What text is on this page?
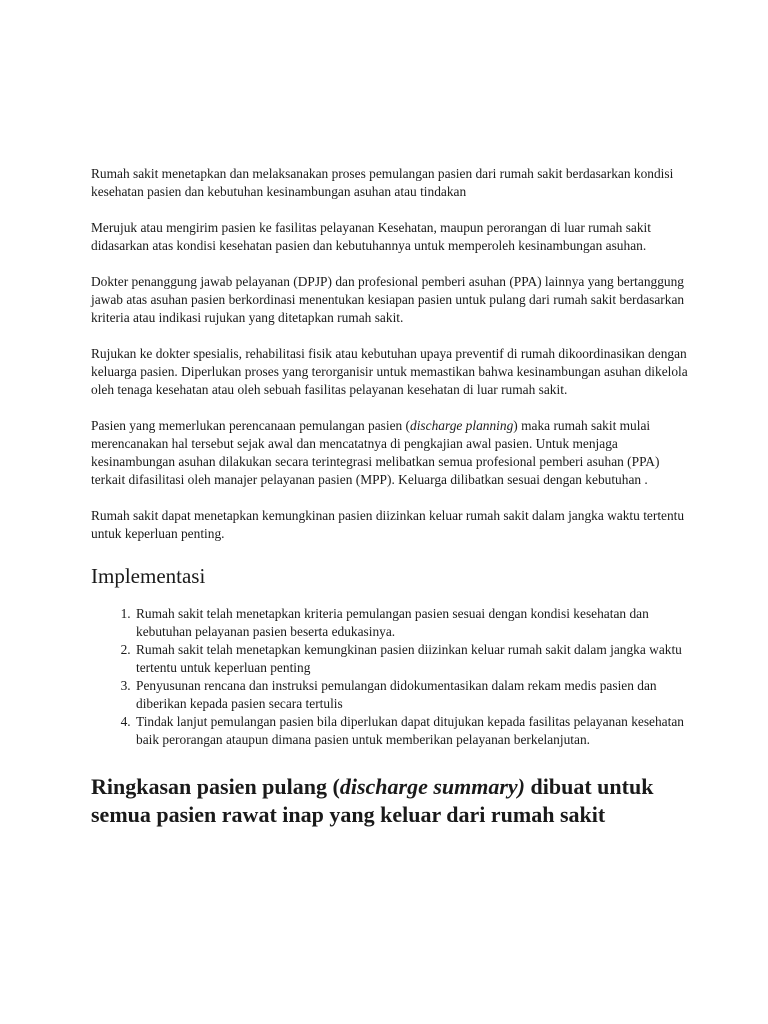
Rumah sakit menetapkan dan melaksanakan proses pemulangan pasien dari rumah sakit berdasarkan kondisi kesehatan pasien dan kebutuhan kesinambungan asuhan atau tindakan

Merujuk atau mengirim pasien ke fasilitas pelayanan Kesehatan, maupun perorangan di luar rumah sakit didasarkan atas kondisi kesehatan pasien dan kebutuhannya untuk memperoleh kesinambungan asuhan.

Dokter penanggung jawab pelayanan (DPJP) dan profesional pemberi asuhan (PPA) lainnya yang bertanggung jawab atas asuhan pasien berkordinasi menentukan kesiapan pasien untuk pulang dari rumah sakit berdasarkan kriteria atau indikasi rujukan yang ditetapkan rumah sakit.

Rujukan ke dokter spesialis, rehabilitasi fisik atau kebutuhan upaya preventif di rumah dikoordinasikan dengan keluarga pasien. Diperlukan proses yang terorganisir untuk memastikan bahwa kesinambungan asuhan dikelola oleh tenaga kesehatan atau oleh sebuah fasilitas pelayanan kesehatan di luar rumah sakit.

Pasien yang memerlukan perencanaan pemulangan pasien (discharge planning) maka rumah sakit mulai merencanakan hal tersebut sejak awal dan mencatatnya di pengkajian awal pasien. Untuk menjaga kesinambungan asuhan dilakukan secara terintegrasi melibatkan semua profesional pemberi asuhan (PPA) terkait difasilitasi oleh manajer pelayanan pasien (MPP). Keluarga dilibatkan sesuai dengan kebutuhan .

Rumah sakit dapat menetapkan kemungkinan pasien diizinkan keluar rumah sakit dalam jangka waktu tertentu untuk keperluan penting.

Implementasi
1. Rumah sakit telah menetapkan kriteria pemulangan pasien sesuai dengan kondisi kesehatan dan kebutuhan pelayanan pasien beserta edukasinya.
2. Rumah sakit telah menetapkan kemungkinan pasien diizinkan keluar rumah sakit dalam jangka waktu tertentu untuk keperluan penting
3. Penyusunan rencana dan instruksi pemulangan didokumentasikan dalam rekam medis pasien dan diberikan kepada pasien secara tertulis
4. Tindak lanjut pemulangan pasien bila diperlukan dapat ditujukan kepada fasilitas pelayanan kesehatan baik perorangan ataupun dimana pasien untuk memberikan pelayanan berkelanjutan.
Ringkasan pasien pulang (discharge summary) dibuat untuk semua pasien rawat inap yang keluar dari rumah sakit
